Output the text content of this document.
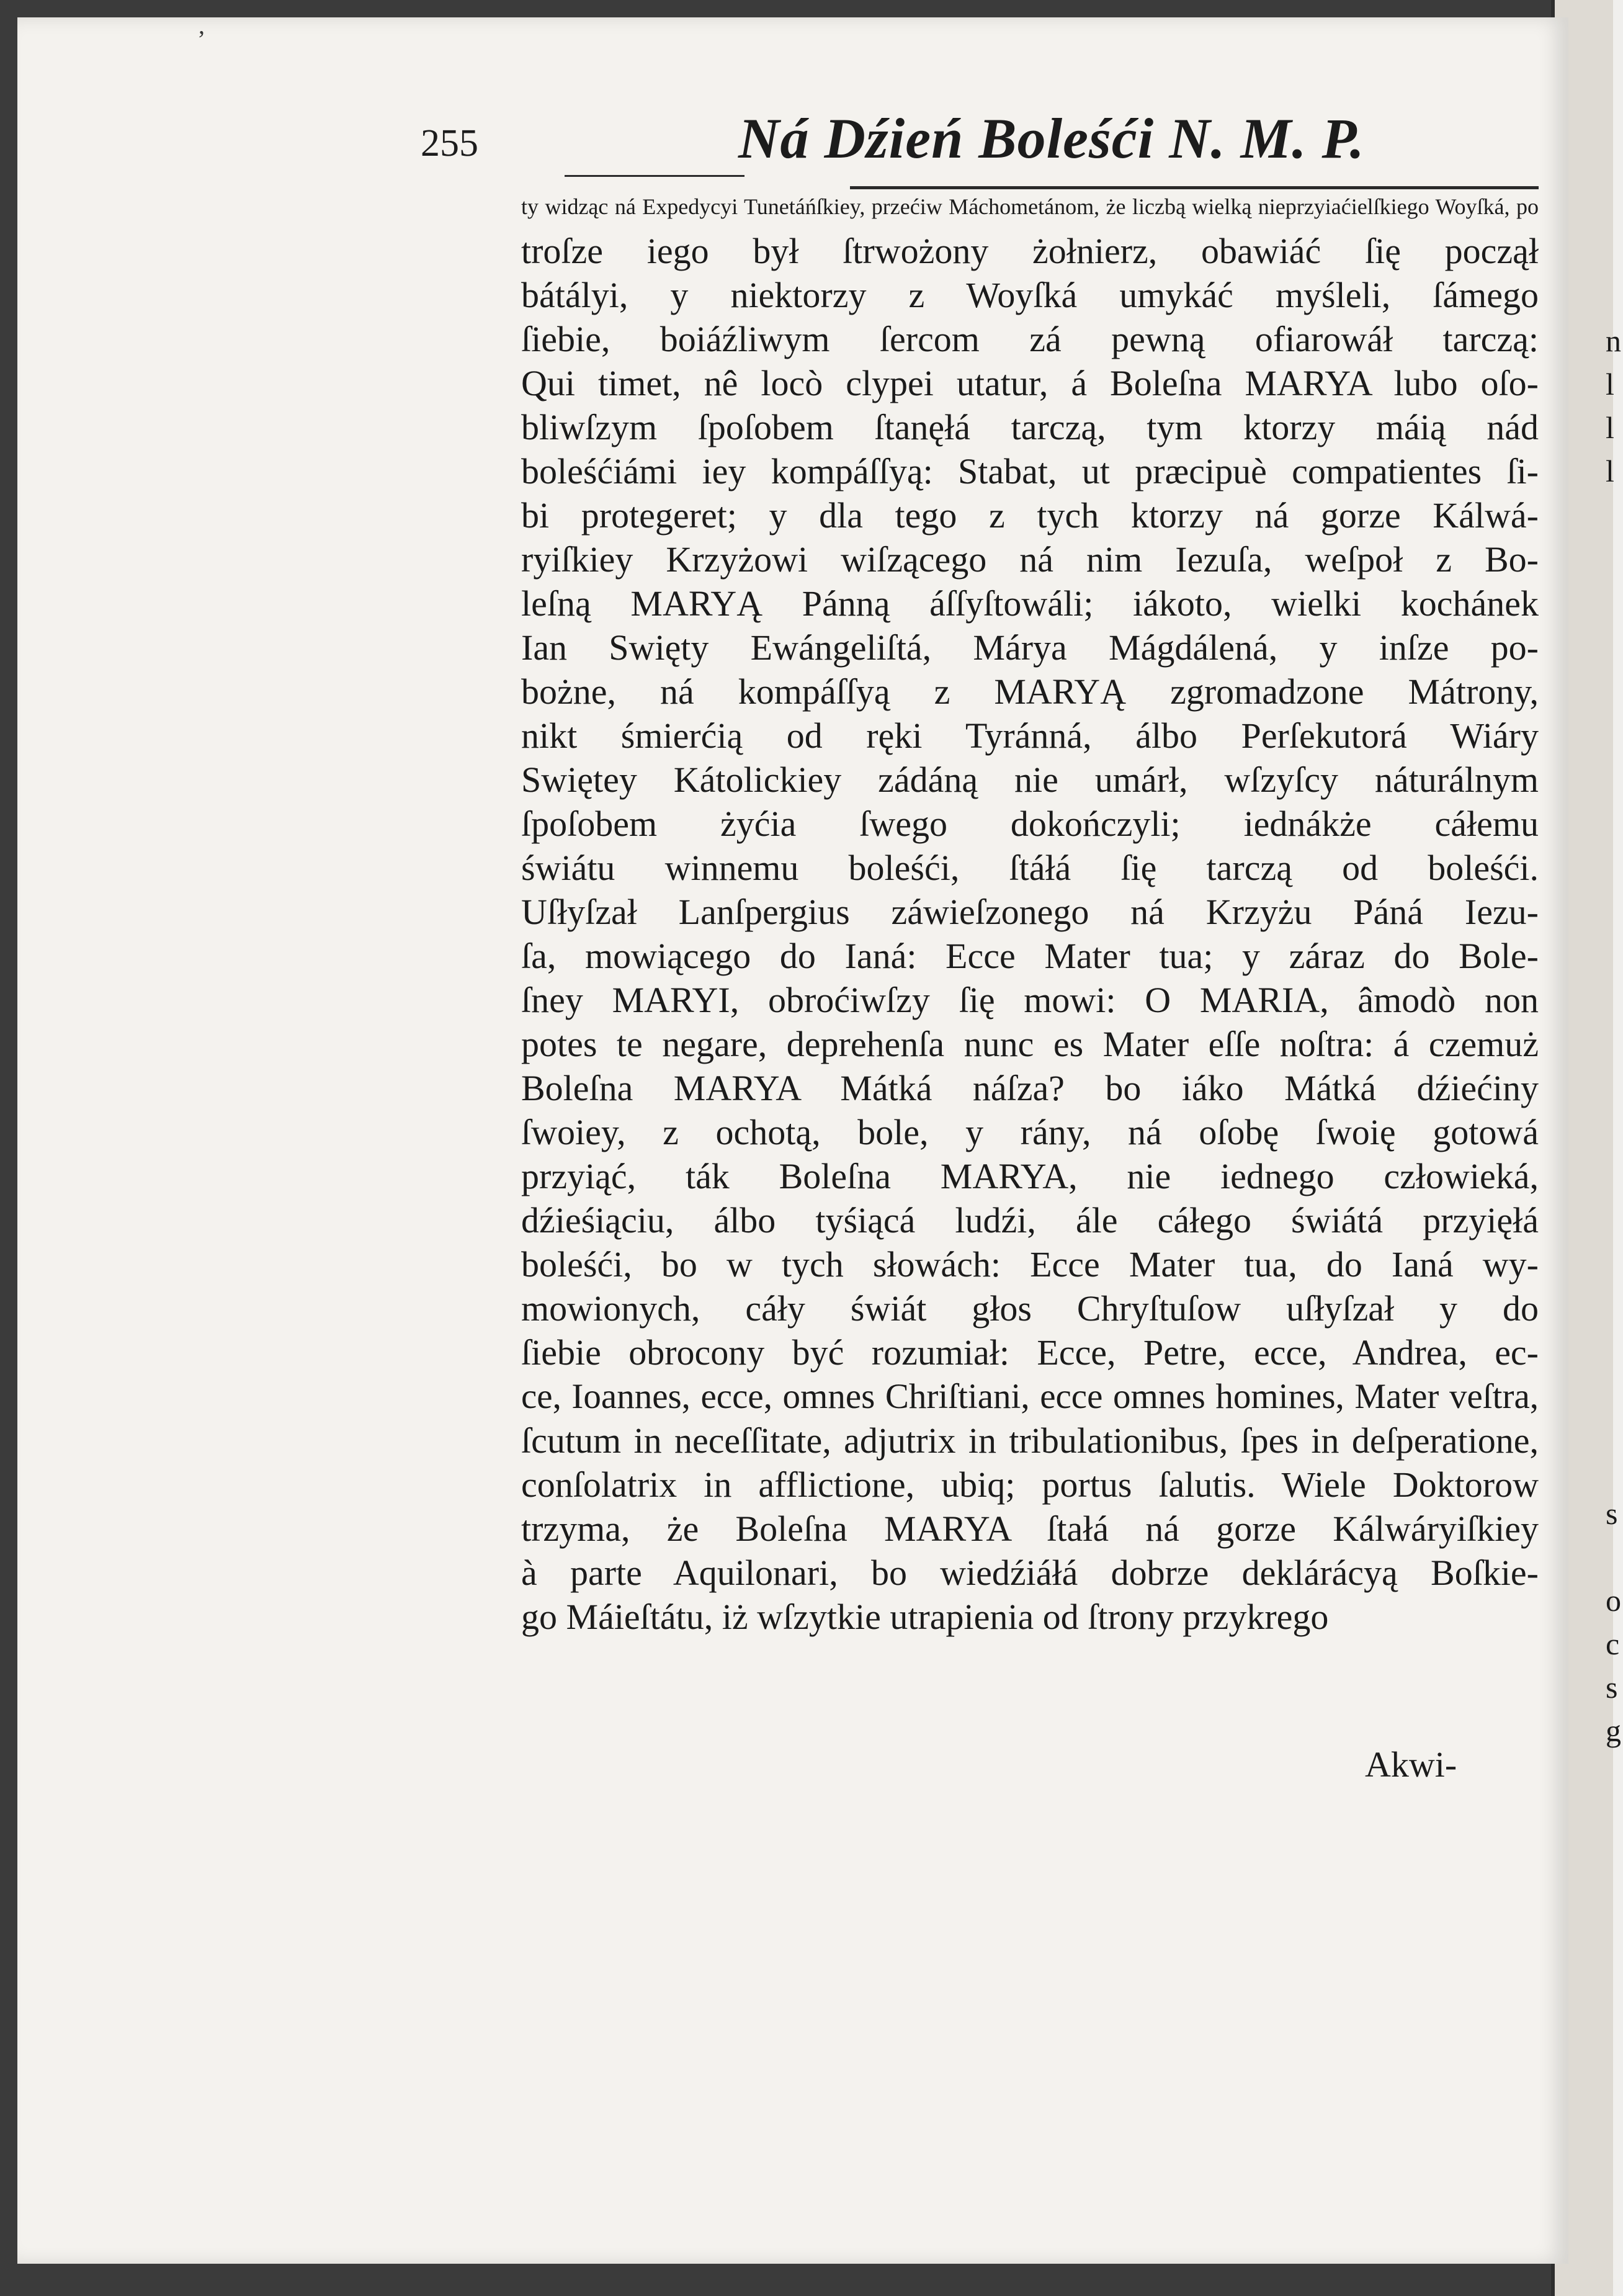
255	Ná Dźień Boleśći N. M. P.
ʼ
ty widząc ná Expedycyi Tunetáńſkiey, przećiw Máchometánom, że liczbą wielką nieprzyiaćielſkiego Woyſká, po
troſze iego był ſtrwożony żołnierz, obawiáć ſię począł
bátályi, y niektorzy z Woyſká umykáć myśleli, ſámego
ſiebie, boiáźliwym ſercom zá pewną ofiarowáł tarczą:
Qui timet, nê locò clypei utatur, á Boleſna MARYA lubo oſo-
bliwſzym ſpoſobem ſtanęłá tarczą, tym ktorzy máią nád
boleśćiámi iey kompáſſyą: Stabat, ut præcipuè compatientes ſi-
bi protegeret; y dla tego z tych ktorzy ná gorze Kálwá-
ryiſkiey Krzyżowi wiſzącego ná nim Iezuſa, weſpoł z Bo-
leſną MARYĄ Pánną áſſyſtowáli; iákoto, wielki kochánek
Ian Swięty Ewángeliſtá, Márya Mágdálená, y inſze po-
bożne, ná kompáſſyą z MARYĄ zgromadzone Mátrony,
nikt śmierćią od ręki Tyránná, álbo Perſekutorá Wiáry
Swiętey Kátolickiey zádáną nie umárł, wſzyſcy náturálnym
ſpoſobem żyćia ſwego dokończyli; iednákże cáłemu
świátu winnemu boleśći, ſtáłá ſię tarczą od boleśći.
Uſłyſzał Lanſpergius záwieſzonego ná Krzyżu Páná Iezu-
ſa, mowiącego do Ianá: Ecce Mater tua; y záraz do Bole-
ſney MARYI, obroćiwſzy ſię mowi: O MARIA, âmodò non
potes te negare, deprehenſa nunc es Mater eſſe noſtra: á czemuż
Boleſna MARYA Mátká náſza? bo iáko Mátká dźiećiny
ſwoiey, z ochotą, bole, y rány, ná oſobę ſwoię gotowá
przyiąć, ták Boleſna MARYA, nie iednego człowieká,
dźieśiąciu, álbo tyśiącá ludźi, ále cáłego świátá przyięłá
boleśći, bo w tych słowách: Ecce Mater tua, do Ianá wy-
mowionych, cáły świát głos Chryſtuſow uſłyſzał y do
ſiebie obrocony być rozumiał: Ecce, Petre, ecce, Andrea, ec-
ce, Ioannes, ecce, omnes Chriſtiani, ecce omnes homines, Mater veſtra,
ſcutum in neceſſitate, adjutrix in tribulationibus, ſpes in deſperatione,
conſolatrix in afflictione, ubiq; portus ſalutis. Wiele Doktorow
trzyma, że Boleſna MARYA ſtałá ná gorze Kálwáryiſkiey
à parte Aquilonari, bo wiedźiáłá dobrze deklárácyą Boſkie-
go Máieſtátu, iż wſzytkie utrapienia od ſtrony przykrego
Akwi-
n
l
l
l
s
o
c
s
g
